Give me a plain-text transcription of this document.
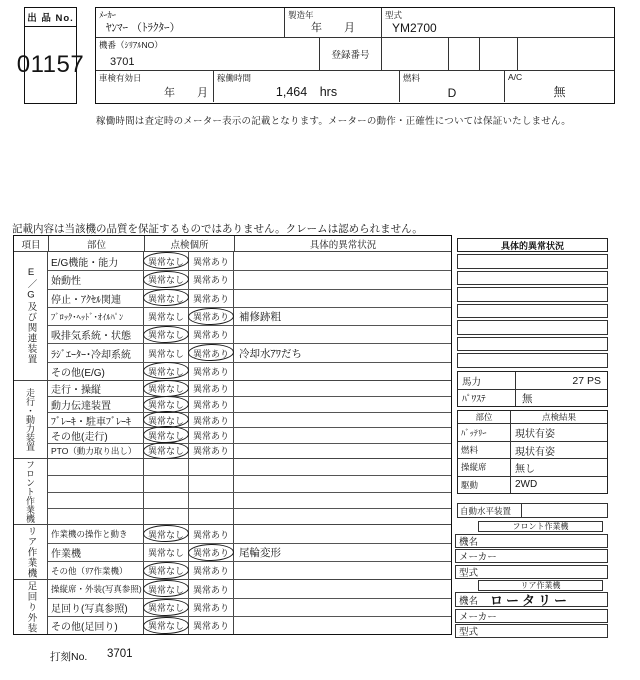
出 品 No.
01157
ﾒｰｶｰ
ﾔﾝﾏｰ （ﾄﾗｸﾀｰ）
製造年
年　　月
型式
YM2700
機番（ｼﾘｱﾙNO）
3701
登録番号
車検有効日
年　　月
稼働時間
1,464　hrs
燃料
D
A/C
無
稼働時間は査定時のメーター表示の記載となります。メーターの動作・正確性については保証いたしません。
記載内容は当該機の品質を保証するものではありません。クレームは認められません。
項目	部位	点検個所	具体的異常状況
E／G及び関連装置
E/G機能・能力	異常なし 異常あり
始動性	異常なし 異常あり
停止・ｱｸｾﾙ関連	異常なし 異常あり
ﾌﾞﾛｯｸ･ﾍｯﾄﾞ･ｵｲﾙﾊﾟﾝ	異常なし 異常あり 補修跡粗
吸排気系統・状態	異常なし 異常あり
ﾗｼﾞｴｰﾀｰ･冷却系統	異常なし 異常あり 冷却水ｱﾜだち
その他(E/G)	異常なし 異常あり
走行・動力装置	走行・操縦	異常なし 異常あり
動力伝達装置	異常なし 異常あり
ﾌﾞﾚｰｷ・駐車ﾌﾞﾚｰｷ	異常なし 異常あり
その他(走行)	異常なし 異常あり
PTO（動力取り出し）	異常なし 異常あり
フロント作業機
リア作業機	作業機の操作と動き	異常なし 異常あり
作業機	異常なし 異常あり 尾輪変形
その他（ﾘｱ作業機）	異常なし 異常あり
足回り外装	操縦席・外装(写真参照) 異常なし 異常あり
足回り(写真参照)	異常なし 異常あり
その他(足回り)	異常なし 異常あり
打刻No. 3701
具体的異常状況
馬力	27 PS
ﾊﾟﾜｽﾃ	無
部位	点検結果
ﾊﾞｯﾃﾘｰ	現状有姿
燃料	現状有姿
操縦席	無し
駆動	2WD
自動水平装置
フロント作業機
機名
メーカー
型式
リア作業機
機名 ロータリー
メーカー
型式
